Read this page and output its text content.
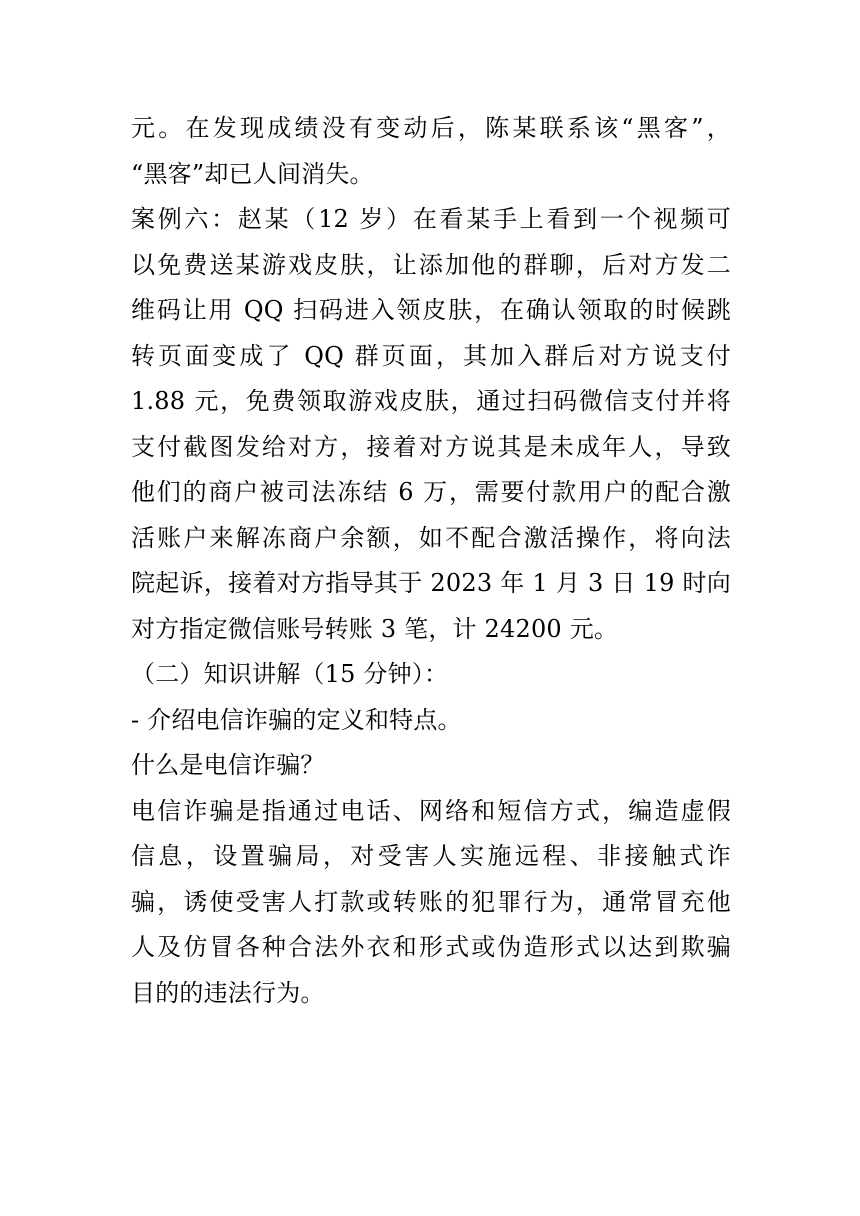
元。在发现成绩没有变动后，陈某联系该“黑客”，
“黑客”却已人间消失。
案例六：赵某（12 岁）在看某手上看到一个视频可
以免费送某游戏皮肤，让添加他的群聊，后对方发二
维码让用 QQ 扫码进入领皮肤，在确认领取的时候跳
转页面变成了 QQ 群页面，其加入群后对方说支付
1.88 元，免费领取游戏皮肤，通过扫码微信支付并将
支付截图发给对方，接着对方说其是未成年人，导致
他们的商户被司法冻结 6 万，需要付款用户的配合激
活账户来解冻商户余额，如不配合激活操作，将向法
院起诉，接着对方指导其于 2023 年 1 月 3 日 19 时向
对方指定微信账号转账 3 笔，计 24200 元。
（二）知识讲解（15 分钟）：
- 介绍电信诈骗的定义和特点。
什么是电信诈骗？
电信诈骗是指通过电话、网络和短信方式，编造虚假
信息，设置骗局，对受害人实施远程、非接触式诈
骗，诱使受害人打款或转账的犯罪行为，通常冒充他
人及仿冒各种合法外衣和形式或伪造形式以达到欺骗
目的的违法行为。
